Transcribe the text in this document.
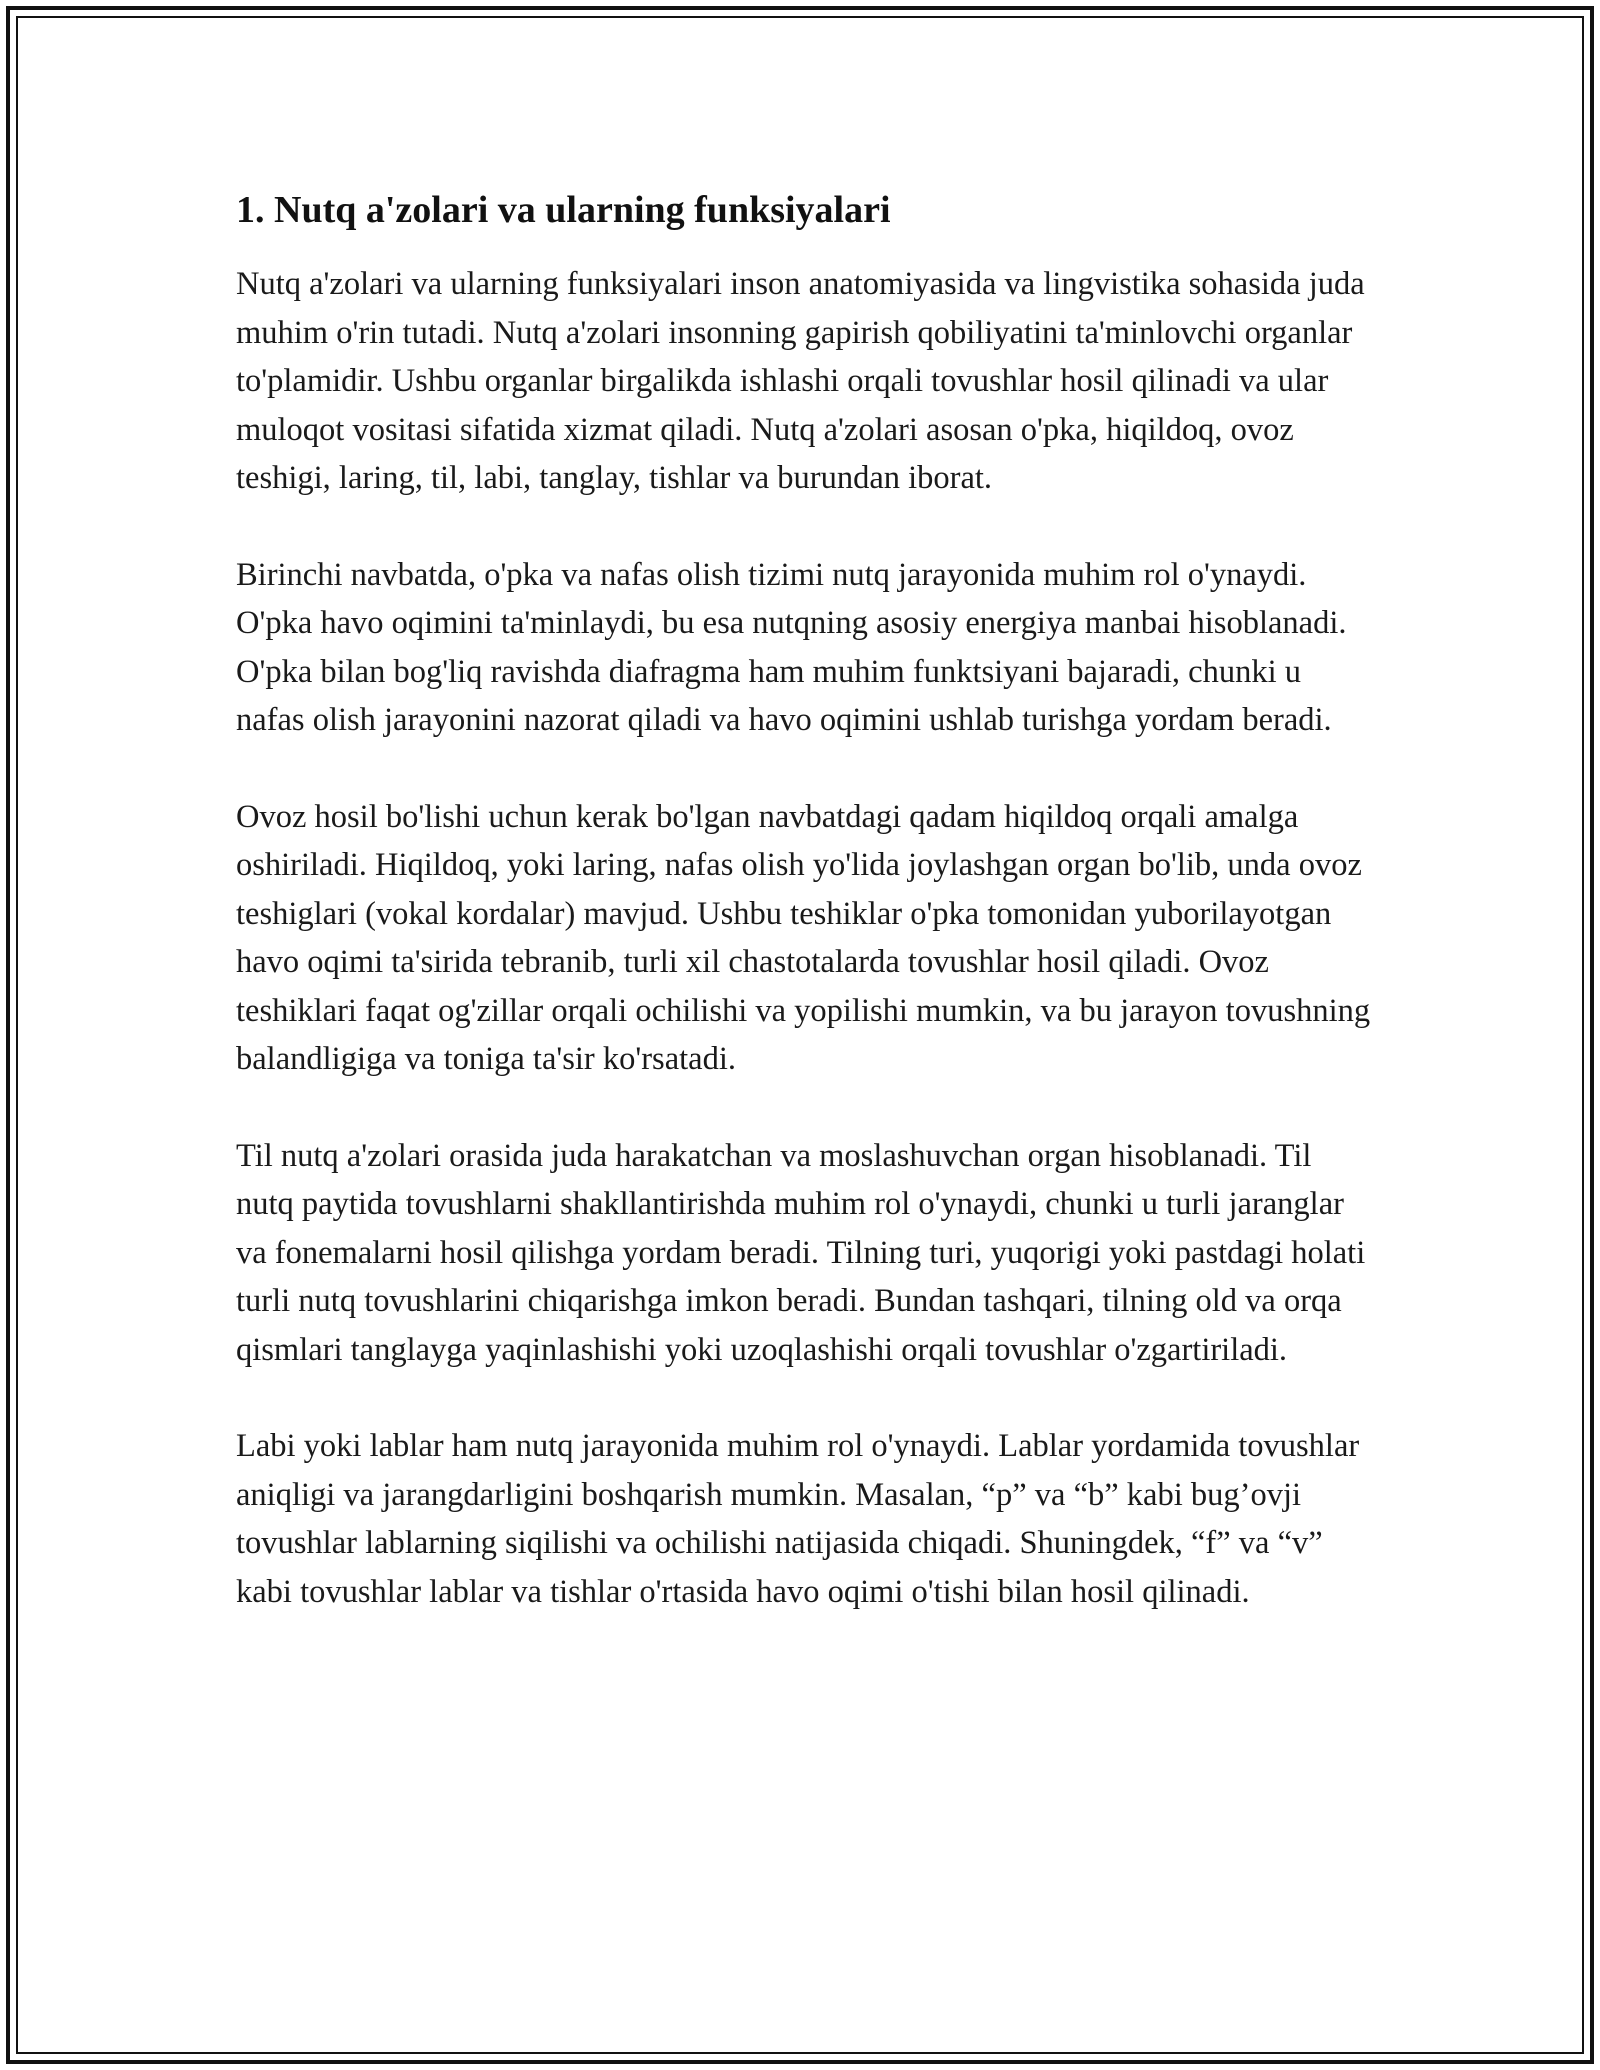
1. Nutq a'zolari va ularning funksiyalari

Nutq a'zolari va ularning funksiyalari inson anatomiyasida va lingvistika sohasida juda muhim o'rin tutadi. Nutq a'zolari insonning gapirish qobiliyatini ta'minlovchi organlar to'plamidir. Ushbu organlar birgalikda ishlashi orqali tovushlar hosil qilinadi va ular muloqot vositasi sifatida xizmat qiladi. Nutq a'zolari asosan o'pka, hiqildoq, ovoz teshigi, laring, til, labi, tanglay, tishlar va burundan iborat.

Birinchi navbatda, o'pka va nafas olish tizimi nutq jarayonida muhim rol o'ynaydi. O'pka havo oqimini ta'minlaydi, bu esa nutqning asosiy energiya manbai hisoblanadi. O'pka bilan bog'liq ravishda diafragma ham muhim funktsiyani bajaradi, chunki u nafas olish jarayonini nazorat qiladi va havo oqimini ushlab turishga yordam beradi.

Ovoz hosil bo'lishi uchun kerak bo'lgan navbatdagi qadam hiqildoq orqali amalga oshiriladi. Hiqildoq, yoki laring, nafas olish yo'lida joylashgan organ bo'lib, unda ovoz teshiglari (vokal kordalar) mavjud. Ushbu teshiklar o'pka tomonidan yuborilayotgan havo oqimi ta'sirida tebranib, turli xil chastotalarda tovushlar hosil qiladi. Ovoz teshiklari faqat og'zillar orqali ochilishi va yopilishi mumkin, va bu jarayon tovushning balandligiga va toniga ta'sir ko'rsatadi.

Til nutq a'zolari orasida juda harakatchan va moslashuvchan organ hisoblanadi. Til nutq paytida tovushlarni shakllantirishda muhim rol o'ynaydi, chunki u turli jaranglar va fonemalarni hosil qilishga yordam beradi. Tilning turi, yuqorigi yoki pastdagi holati turli nutq tovushlarini chiqarishga imkon beradi. Bundan tashqari, tilning old va orqa qismlari tanglayga yaqinlashishi yoki uzoqlashishi orqali tovushlar o'zgartiriladi.

Labi yoki lablar ham nutq jarayonida muhim rol o'ynaydi. Lablar yordamida tovushlar aniqligi va jarangdarligini boshqarish mumkin. Masalan, “p” va “b” kabi bug’ovji tovushlar lablarning siqilishi va ochilishi natijasida chiqadi. Shuningdek, “f” va “v” kabi tovushlar lablar va tishlar o'rtasida havo oqimi o'tishi bilan hosil qilinadi.
